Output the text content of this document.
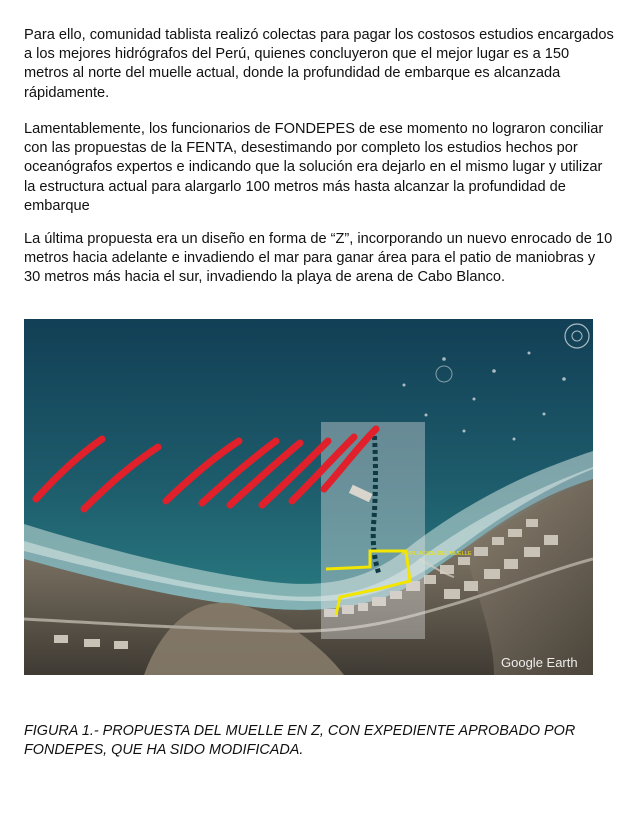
Para ello, comunidad tablista realizó colectas para pagar los costosos estudios encargados a los mejores hidrógrafos del Perú, quienes concluyeron que el mejor lugar es a 150 metros al norte del muelle actual, donde la profundidad de embarque es alcanzada rápidamente.

Lamentablemente, los funcionarios de FONDEPES de ese momento no lograron conciliar con las propuestas de la FENTA, desestimando por completo los estudios hechos por oceanógrafos expertos e indicando que la solución era dejarlo en el mismo lugar y utilizar la estructura actual para alargarlo 100 metros más hasta alcanzar la profundidad de embarque

La última propuesta era un diseño en forma de “Z”, incorporando un nuevo enrocado de 10 metros hacia adelante e invadiendo el mar para ganar área para el patio de maniobras y 30 metros más hacia el sur, invadiendo la playa de arena de Cabo Blanco.

AMPLIACION DEL MUELLE
Google Earth

FIGURA 1.- PROPUESTA DEL MUELLE EN Z, CON EXPEDIENTE APROBADO POR FONDEPES, QUE HA SIDO MODIFICADA.
